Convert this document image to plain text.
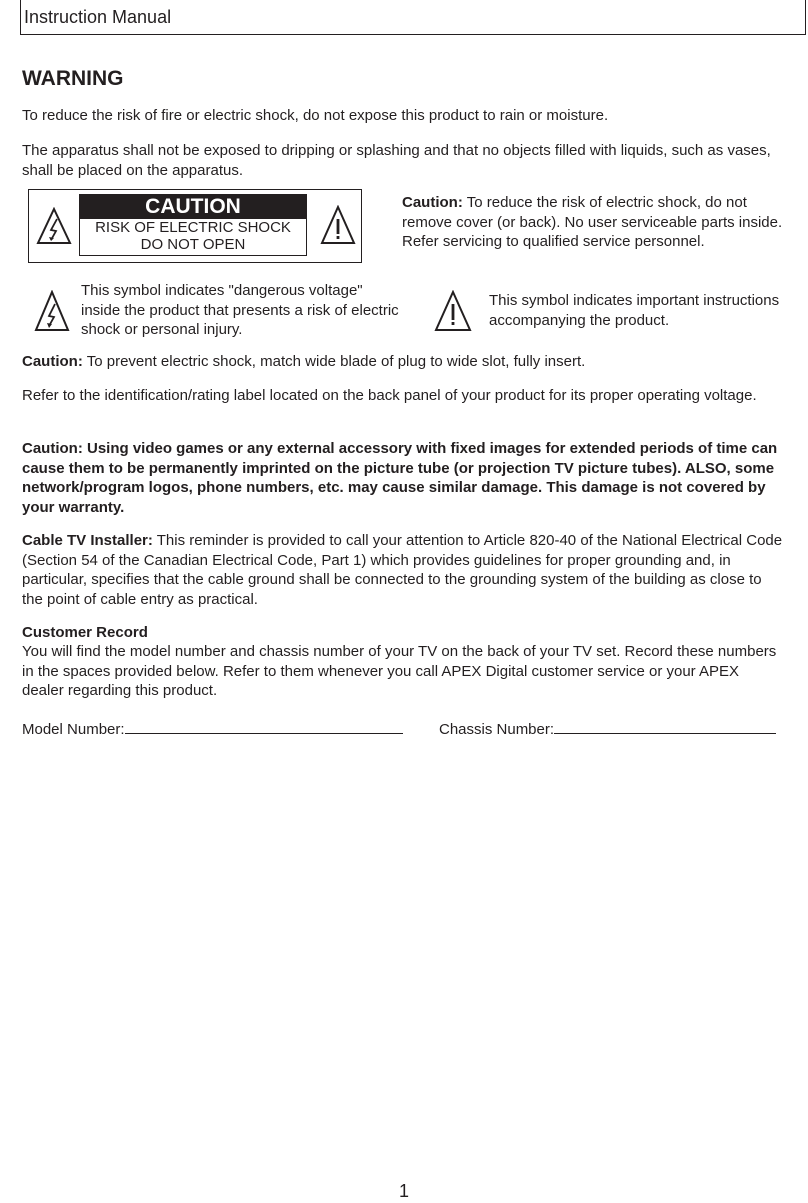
Instruction Manual
WARNING
To reduce the risk of fire or electric shock, do not expose this product to rain or moisture.
The apparatus shall not be exposed to dripping or splashing and that no objects filled with liquids, such as vases, shall be placed on the apparatus.
CAUTION
RISK OF ELECTRIC SHOCK
DO NOT OPEN
Caution: To reduce the risk of electric shock, do not remove cover (or back). No user serviceable parts inside. Refer servicing to qualified service personnel.
This symbol indicates "dangerous voltage" inside the product that presents a risk of electric shock or personal injury.
This symbol indicates important instructions accompanying the product.
Caution: To prevent electric shock, match wide blade of plug to wide slot, fully insert.
Refer to the identification/rating label located on the back panel of your product for its proper operating voltage.
Caution: Using video games or any external accessory with fixed images for extended periods of time can cause them to be permanently imprinted on the picture tube (or projection TV picture tubes). ALSO, some network/program logos, phone numbers, etc. may cause similar damage. This damage is not covered by your warranty.
Cable TV Installer: This reminder is provided to call your attention to Article 820-40 of the National Electrical Code (Section 54 of the Canadian Electrical Code, Part 1) which provides guidelines for proper grounding and, in particular, specifies that the cable ground shall be connected to the grounding system of the building as close to the point of cable entry as practical.
Customer Record
You will find the model number and chassis number of your TV on the back of your TV set. Record these numbers in the spaces provided below. Refer to them whenever you call APEX Digital customer service or your APEX dealer regarding this product.
Model Number:	Chassis Number:
1
